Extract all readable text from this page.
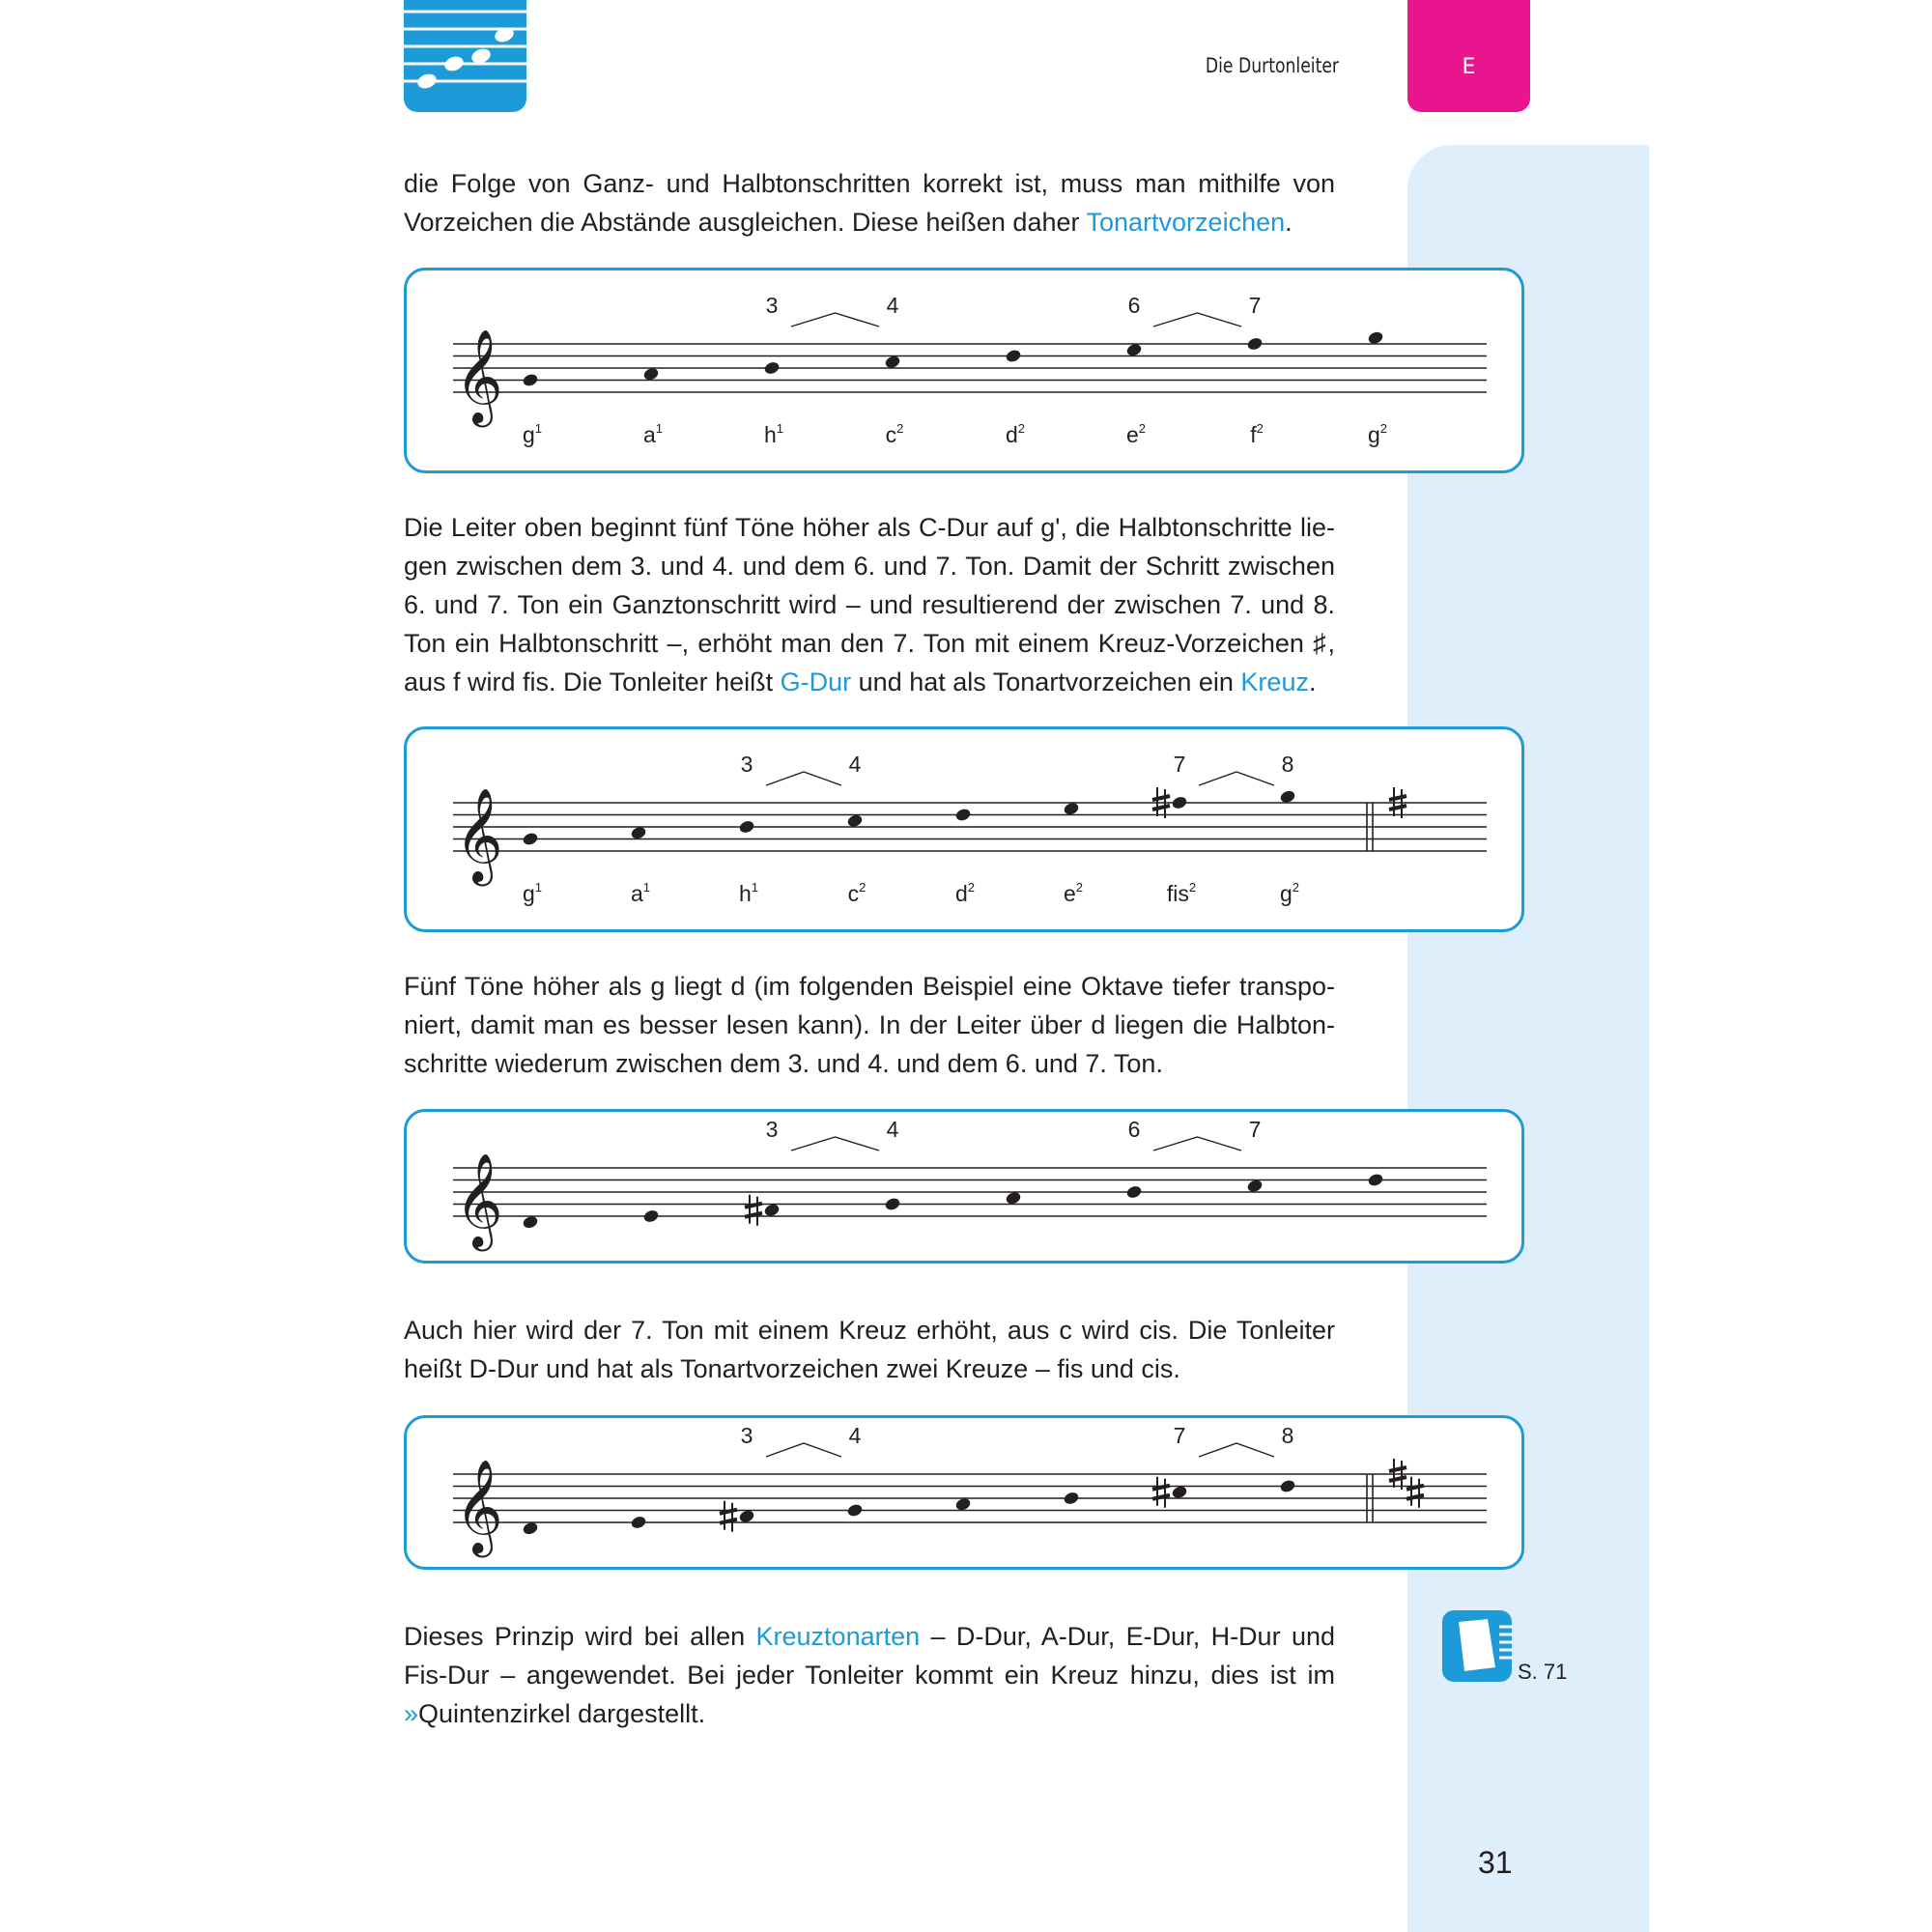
Die Durtonleiter	E

die Folge von Ganz- und Halbtonschritten korrekt ist, muss man mithilfe von
Vorzeichen die Abstände ausgleichen. Diese heißen daher Tonartvorzeichen.

𝄞
3	4	6	7
$g^1$	$a^1$	$h^1$	$c^2$	$d^2$	$e^2$	$f^2$	$g^2$

Die Leiter oben beginnt fünf Töne höher als C-Dur auf g', die Halbtonschritte lie-
gen zwischen dem 3. und 4. und dem 6. und 7. Ton. Damit der Schritt zwischen
6. und 7. Ton ein Ganztonschritt wird – und resultierend der zwischen 7. und 8.
Ton ein Halbtonschritt –, erhöht man den 7. Ton mit einem Kreuz-Vorzeichen ♯,
aus f wird fis. Die Tonleiter heißt G-Dur und hat als Tonartvorzeichen ein Kreuz.

𝄞
3	4	7	8
$g^1$	$a^1$	$h^1$	$c^2$	$d^2$	$e^2$	fis$^2$	$g^2$

Fünf Töne höher als g liegt d (im folgenden Beispiel eine Oktave tiefer transpo-
niert, damit man es besser lesen kann). In der Leiter über d liegen die Halbton-
schritte wiederum zwischen dem 3. und 4. und dem 6. und 7. Ton.

𝄞
3	4	6	7

Auch hier wird der 7. Ton mit einem Kreuz erhöht, aus c wird cis. Die Tonleiter
heißt D-Dur und hat als Tonartvorzeichen zwei Kreuze – fis und cis.

𝄞
3	4	7	8

Dieses Prinzip wird bei allen Kreuztonarten – D-Dur, A-Dur, E-Dur, H-Dur und
Fis-Dur – angewendet. Bei jeder Tonleiter kommt ein Kreuz hinzu, dies ist im
»Quintenzirkel dargestellt.

S. 71
31
